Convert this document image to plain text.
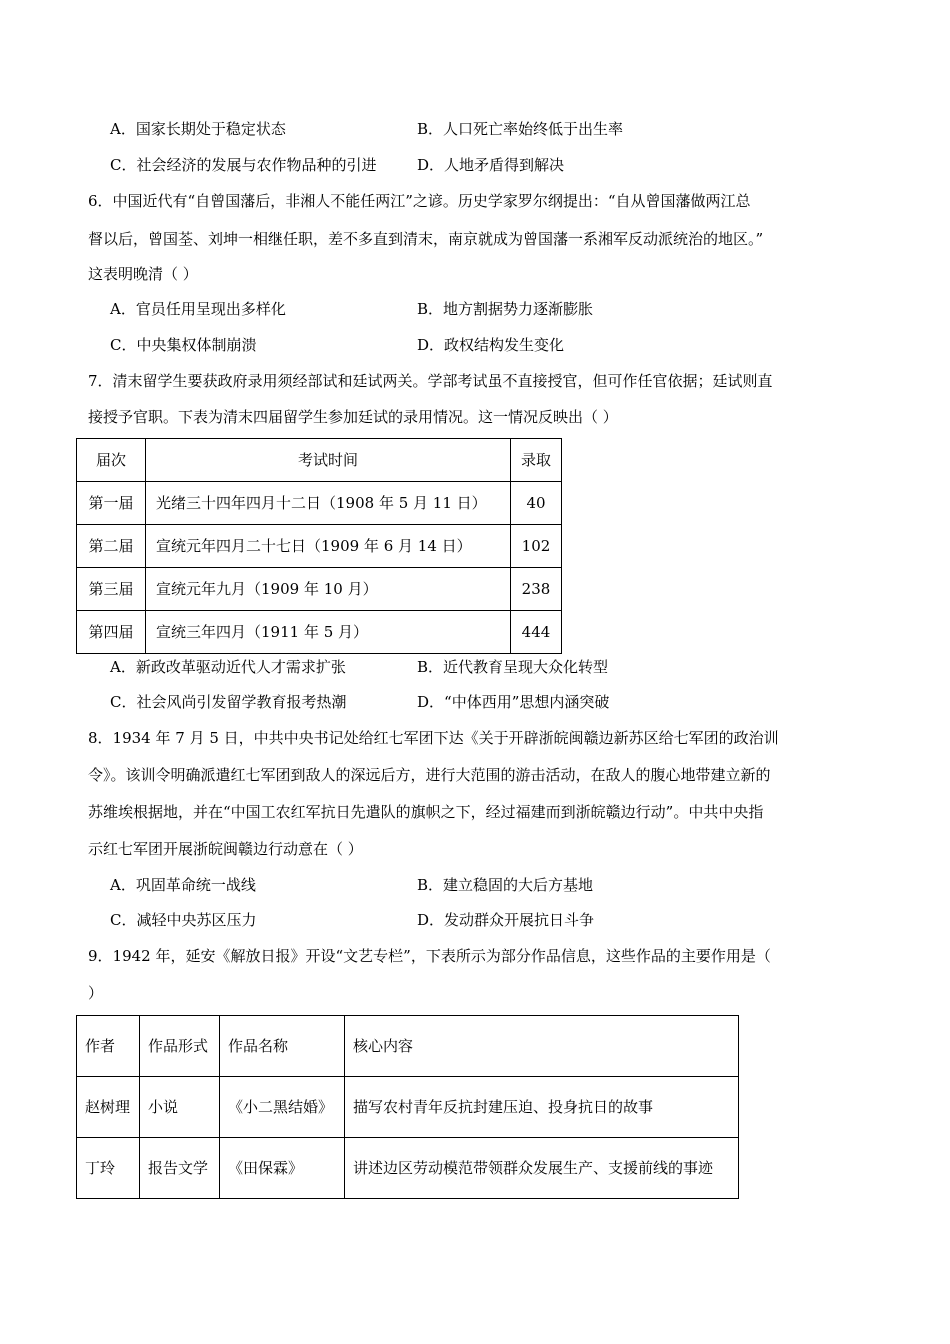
A．国家长期处于稳定状态	B．人口死亡率始终低于出生率
C．社会经济的发展与农作物品种的引进	D．人地矛盾得到解决
6．中国近代有“自曾国藩后，非湘人不能任两江”之谚。历史学家罗尔纲提出：“自从曾国藩做两江总
督以后，曾国荃、刘坤一相继任职，差不多直到清末，南京就成为曾国藩一系湘军反动派统治的地区。”
这表明晚清（ ）
A．官员任用呈现出多样化	B．地方割据势力逐渐膨胀
C．中央集权体制崩溃	D．政权结构发生变化
7．清末留学生要获政府录用须经部试和廷试两关。学部考试虽不直接授官，但可作任官依据；廷试则直
接授予官职。下表为清末四届留学生参加廷试的录用情况。这一情况反映出（ ）
届次	考试时间	录取
第一届	光绪三十四年四月十二日（1908 年 5 月 11 日）	40
第二届	宣统元年四月二十七日（1909 年 6 月 14 日）	102
第三届	宣统元年九月（1909 年 10 月）	238
第四届	宣统三年四月（1911 年 5 月）	444
A．新政改革驱动近代人才需求扩张	B．近代教育呈现大众化转型
C．社会风尚引发留学教育报考热潮	D．“中体西用”思想内涵突破
8．1934 年 7 月 5 日，中共中央书记处给红七军团下达《关于开辟浙皖闽赣边新苏区给七军团的政治训
令》。该训令明确派遣红七军团到敌人的深远后方，进行大范围的游击活动，在敌人的腹心地带建立新的
苏维埃根据地，并在“中国工农红军抗日先遣队的旗帜之下，经过福建而到浙皖赣边行动”。中共中央指
示红七军团开展浙皖闽赣边行动意在（ ）
A．巩固革命统一战线	B．建立稳固的大后方基地
C．减轻中央苏区压力	D．发动群众开展抗日斗争
9．1942 年，延安《解放日报》开设“文艺专栏”，下表所示为部分作品信息，这些作品的主要作用是（
）
作者	作品形式	作品名称	核心内容
赵树理	小说	《小二黑结婚》	描写农村青年反抗封建压迫、投身抗日的故事
丁玲	报告文学	《田保霖》	讲述边区劳动模范带领群众发展生产、支援前线的事迹
